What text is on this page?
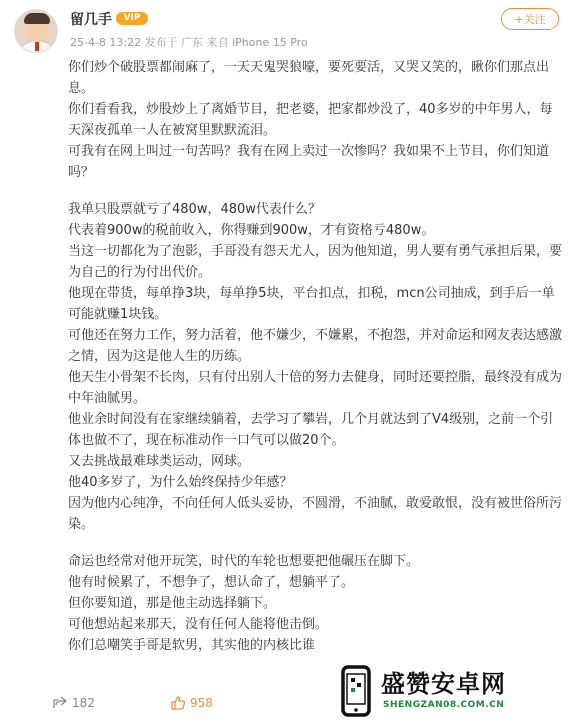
留几手	VIP
25-4-8 13:22 发布于 广东 来自 iPhone 15 Pro
+关注

你们炒个破股票都闹麻了，一天天鬼哭狼嚎，要死要活，又哭又笑的，瞅你们那点出息。

你们看看我，炒股炒上了离婚节目，把老婆，把家都炒没了，40多岁的中年男人，每天深夜孤单一人在被窝里默默流泪。

可我有在网上叫过一句苦吗？我有在网上卖过一次惨吗？我如果不上节目，你们知道吗？

我单只股票就亏了480w，480w代表什么？

代表着900w的税前收入，你得赚到900w，才有资格亏480w。

当这一切都化为了泡影，手哥没有怨天尤人，因为他知道，男人要有勇气承担后果，要为自己的行为付出代价。

他现在带货，每单挣3块，每单挣5块，平台扣点，扣税，mcn公司抽成，到手后一单可能就赚1块钱。

可他还在努力工作，努力活着，他不嫌少，不嫌累，不抱怨，并对命运和网友表达感激之情，因为这是他人生的历练。

他天生小骨架不长肉，只有付出别人十倍的努力去健身，同时还要控脂，最终没有成为中年油腻男。

他业余时间没有在家继续躺着，去学习了攀岩，几个月就达到了V4级别，之前一个引体也做不了，现在标准动作一口气可以做20个。

又去挑战最难球类运动，网球。

他40多岁了，为什么始终保持少年感？

因为他内心纯净，不向任何人低头妥协，不圆滑，不油腻，敢爱敢恨，没有被世俗所污染。

命运也经常对他开玩笑，时代的车轮也想要把他碾压在脚下。

他有时候累了，不想争了，想认命了，想躺平了。

但你要知道，那是他主动选择躺下。

可他想站起来那天，没有任何人能将他击倒。

你们总嘲笑手哥是软男，其实他的内核比谁

182	958
盛赞安卓网
SHENGZAN08.COM.CN
